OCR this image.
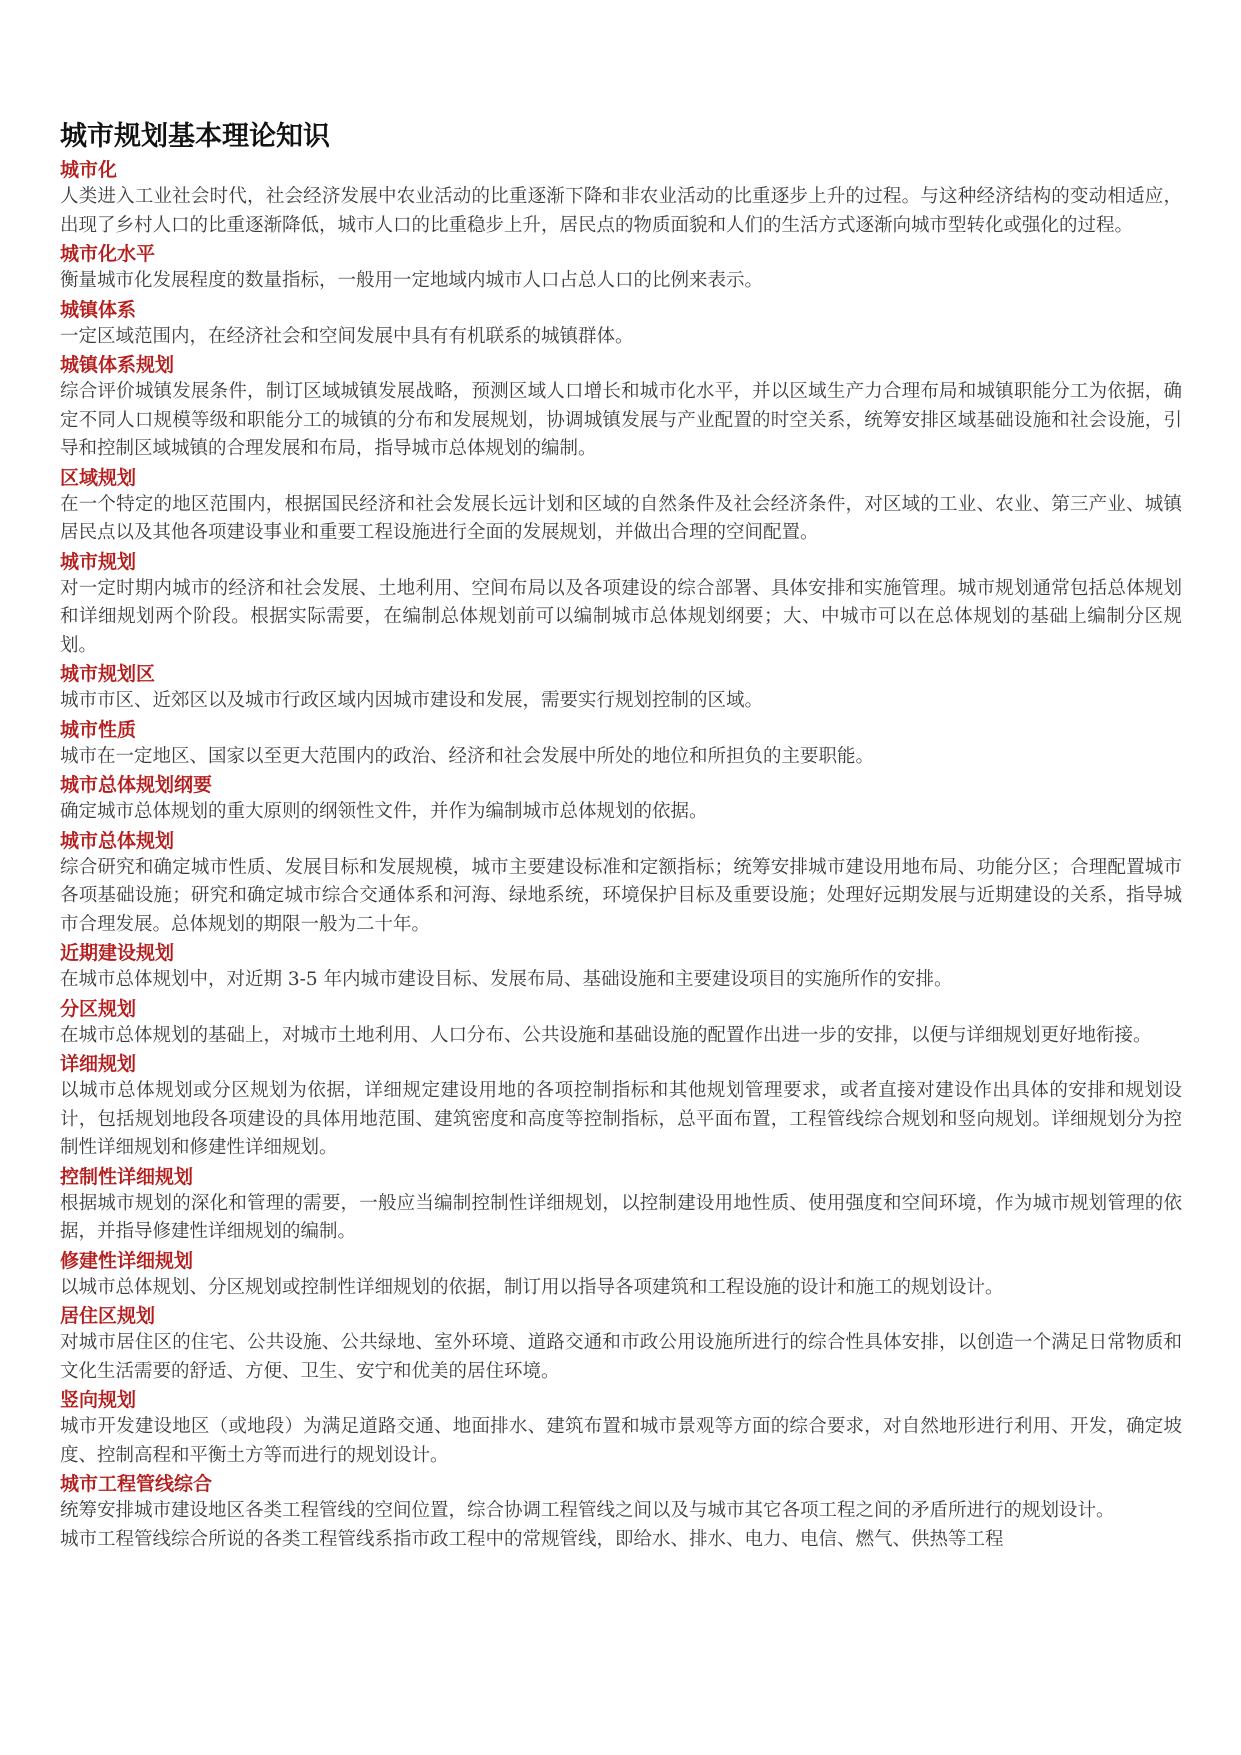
城市规划基本理论知识
城市化

人类进入工业社会时代，社会经济发展中农业活动的比重逐渐下降和非农业活动的比重逐步上升的过程。与这种经济结构的变动相适应，出现了乡村人口的比重逐渐降低，城市人口的比重稳步上升，居民点的物质面貌和人们的生活方式逐渐向城市型转化或强化的过程。

城市化水平

衡量城市化发展程度的数量指标，一般用一定地域内城市人口占总人口的比例来表示。

城镇体系

一定区域范围内，在经济社会和空间发展中具有有机联系的城镇群体。

城镇体系规划

综合评价城镇发展条件，制订区域城镇发展战略，预测区域人口增长和城市化水平，并以区域生产力合理布局和城镇职能分工为依据，确定不同人口规模等级和职能分工的城镇的分布和发展规划，协调城镇发展与产业配置的时空关系，统筹安排区域基础设施和社会设施，引导和控制区域城镇的合理发展和布局，指导城市总体规划的编制。

区域规划

在一个特定的地区范围内，根据国民经济和社会发展长远计划和区域的自然条件及社会经济条件，对区域的工业、农业、第三产业、城镇居民点以及其他各项建设事业和重要工程设施进行全面的发展规划，并做出合理的空间配置。

城市规划

对一定时期内城市的经济和社会发展、土地利用、空间布局以及各项建设的综合部署、具体安排和实施管理。城市规划通常包括总体规划和详细规划两个阶段。根据实际需要，在编制总体规划前可以编制城市总体规划纲要；大、中城市可以在总体规划的基础上编制分区规划。

城市规划区

城市市区、近郊区以及城市行政区域内因城市建设和发展，需要实行规划控制的区域。

城市性质

城市在一定地区、国家以至更大范围内的政治、经济和社会发展中所处的地位和所担负的主要职能。

城市总体规划纲要

确定城市总体规划的重大原则的纲领性文件，并作为编制城市总体规划的依据。

城市总体规划

综合研究和确定城市性质、发展目标和发展规模，城市主要建设标准和定额指标；统筹安排城市建设用地布局、功能分区；合理配置城市各项基础设施；研究和确定城市综合交通体系和河海、绿地系统，环境保护目标及重要设施；处理好远期发展与近期建设的关系，指导城市合理发展。总体规划的期限一般为二十年。

近期建设规划

在城市总体规划中，对近期 3-5 年内城市建设目标、发展布局、基础设施和主要建设项目的实施所作的安排。

分区规划

在城市总体规划的基础上，对城市土地利用、人口分布、公共设施和基础设施的配置作出进一步的安排，以便与详细规划更好地衔接。

详细规划

以城市总体规划或分区规划为依据，详细规定建设用地的各项控制指标和其他规划管理要求，或者直接对建设作出具体的安排和规划设计，包括规划地段各项建设的具体用地范围、建筑密度和高度等控制指标，总平面布置，工程管线综合规划和竖向规划。详细规划分为控制性详细规划和修建性详细规划。

控制性详细规划

根据城市规划的深化和管理的需要，一般应当编制控制性详细规划，以控制建设用地性质、使用强度和空间环境，作为城市规划管理的依据，并指导修建性详细规划的编制。

修建性详细规划

以城市总体规划、分区规划或控制性详细规划的依据，制订用以指导各项建筑和工程设施的设计和施工的规划设计。

居住区规划

对城市居住区的住宅、公共设施、公共绿地、室外环境、道路交通和市政公用设施所进行的综合性具体安排，以创造一个满足日常物质和文化生活需要的舒适、方便、卫生、安宁和优美的居住环境。

竖向规划

城市开发建设地区（或地段）为满足道路交通、地面排水、建筑布置和城市景观等方面的综合要求，对自然地形进行利用、开发，确定坡度、控制高程和平衡土方等而进行的规划设计。

城市工程管线综合

统筹安排城市建设地区各类工程管线的空间位置，综合协调工程管线之间以及与城市其它各项工程之间的矛盾所进行的规划设计。

城市工程管线综合所说的各类工程管线系指市政工程中的常规管线，即给水、排水、电力、电信、燃气、供热等工程
